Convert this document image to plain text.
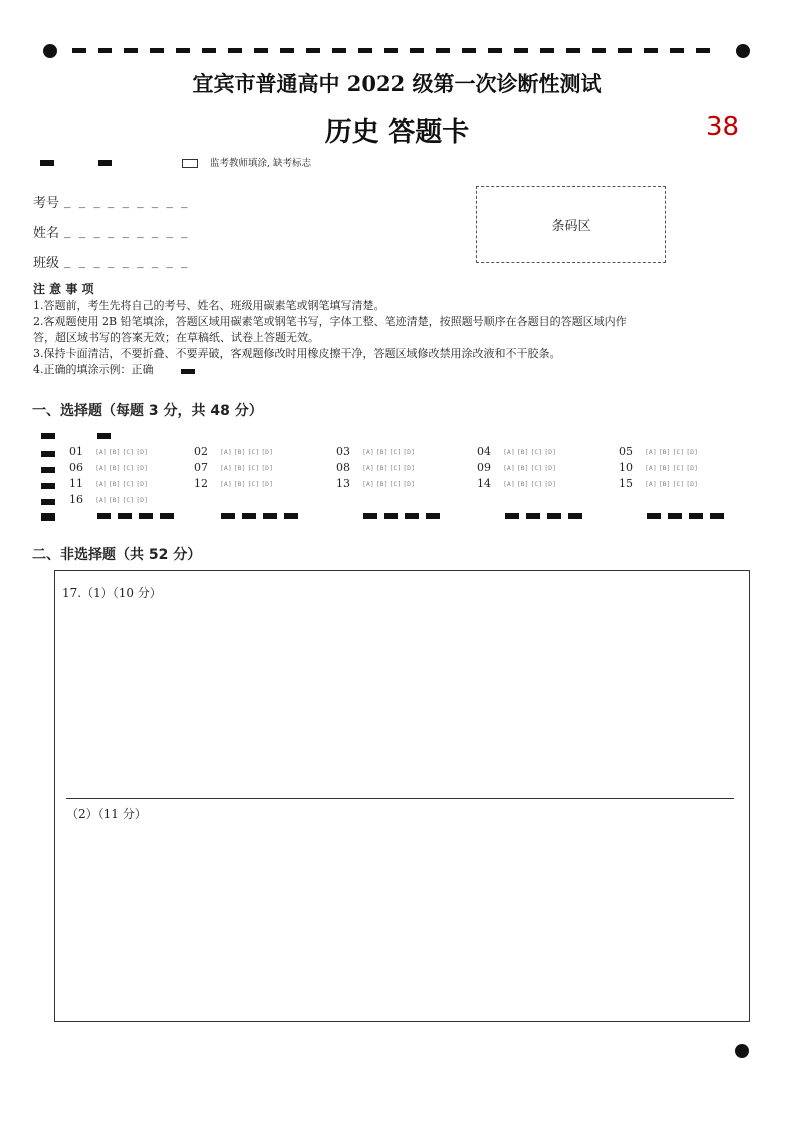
宜宾市普通高中 2022 级第一次诊断性测试
历史 答题卡	38
监考教师填涂, 缺考标志
考号 _ _ _ _ _ _ _ _ _
姓名 _ _ _ _ _ _ _ _ _
班级 _ _ _ _ _ _ _ _ _
条码区
注 意 事 项
1.答题前，考生先将自己的考号、姓名、班级用碳素笔或钢笔填写清楚。
2.客观题使用 2B 铅笔填涂，答题区域用碳素笔或钢笔书写，字体工整、笔迹清楚，按照题号顺序在各题目的答题区域内作
答，超区域书写的答案无效；在草稿纸、试卷上答题无效。
3.保持卡面清洁，不要折叠、不要弄破，客观题修改时用橡皮擦干净，答题区域修改禁用涂改液和不干胶条。
4.正确的填涂示例：正确
一、选择题（每题 3 分，共 48 分）
01	[A] [B] [C] [D]	02	[A] [B] [C] [D]	03	[A] [B] [C] [D]	04	[A] [B] [C] [D]	05	[A] [B] [C] [D]
06	[A] [B] [C] [D]	07	[A] [B] [C] [D]	08	[A] [B] [C] [D]	09	[A] [B] [C] [D]	10	[A] [B] [C] [D]
11	[A] [B] [C] [D]	12	[A] [B] [C] [D]	13	[A] [B] [C] [D]	14	[A] [B] [C] [D]	15	[A] [B] [C] [D]
16	[A] [B] [C] [D]
二、非选择题（共 52 分）
17.（1）（10 分）
（2）（11 分）
